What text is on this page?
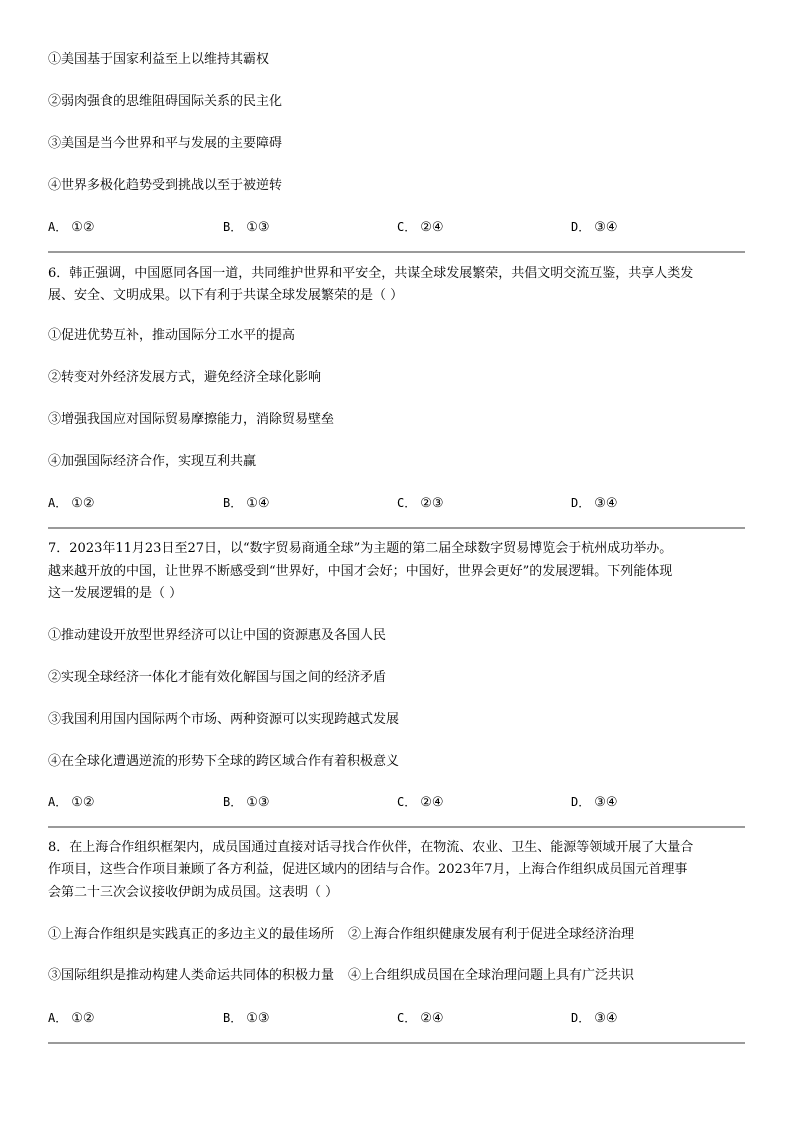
①美国基于国家利益至上以维持其霸权
②弱肉强食的思维阻碍国际关系的民主化
③美国是当今世界和平与发展的主要障碍
④世界多极化趋势受到挑战以至于被逆转
A． ①②	B． ①③	C． ②④	D． ③④
6．韩正强调，中国愿同各国一道，共同维护世界和平安全，共谋全球发展繁荣，共倡文明交流互鉴，共享人类发
展、安全、文明成果。以下有利于共谋全球发展繁荣的是（ ）
①促进优势互补，推动国际分工水平的提高
②转变对外经济发展方式，避免经济全球化影响
③增强我国应对国际贸易摩擦能力，消除贸易壁垒
④加强国际经济合作，实现互利共赢
A． ①②	B． ①④	C． ②③	D． ③④
7．2023年11月23日至27日，以“数字贸易商通全球”为主题的第二届全球数字贸易博览会于杭州成功举办。
越来越开放的中国，让世界不断感受到“世界好，中国才会好；中国好，世界会更好”的发展逻辑。下列能体现
这一发展逻辑的是（ ）
①推动建设开放型世界经济可以让中国的资源惠及各国人民
②实现全球经济一体化才能有效化解国与国之间的经济矛盾
③我国利用国内国际两个市场、两种资源可以实现跨越式发展
④在全球化遭遇逆流的形势下全球的跨区域合作有着积极意义
A． ①②	B． ①③	C． ②④	D． ③④
8．在上海合作组织框架内，成员国通过直接对话寻找合作伙伴，在物流、农业、卫生、能源等领域开展了大量合
作项目，这些合作项目兼顾了各方利益，促进区域内的团结与合作。2023年7月，上海合作组织成员国元首理事
会第二十三次会议接收伊朗为成员国。这表明（ ）
①上海合作组织是实践真正的多边主义的最佳场所 ②上海合作组织健康发展有利于促进全球经济治理
③国际组织是推动构建人类命运共同体的积极力量 ④上合组织成员国在全球治理问题上具有广泛共识
A． ①②	B． ①③	C． ②④	D． ③④
